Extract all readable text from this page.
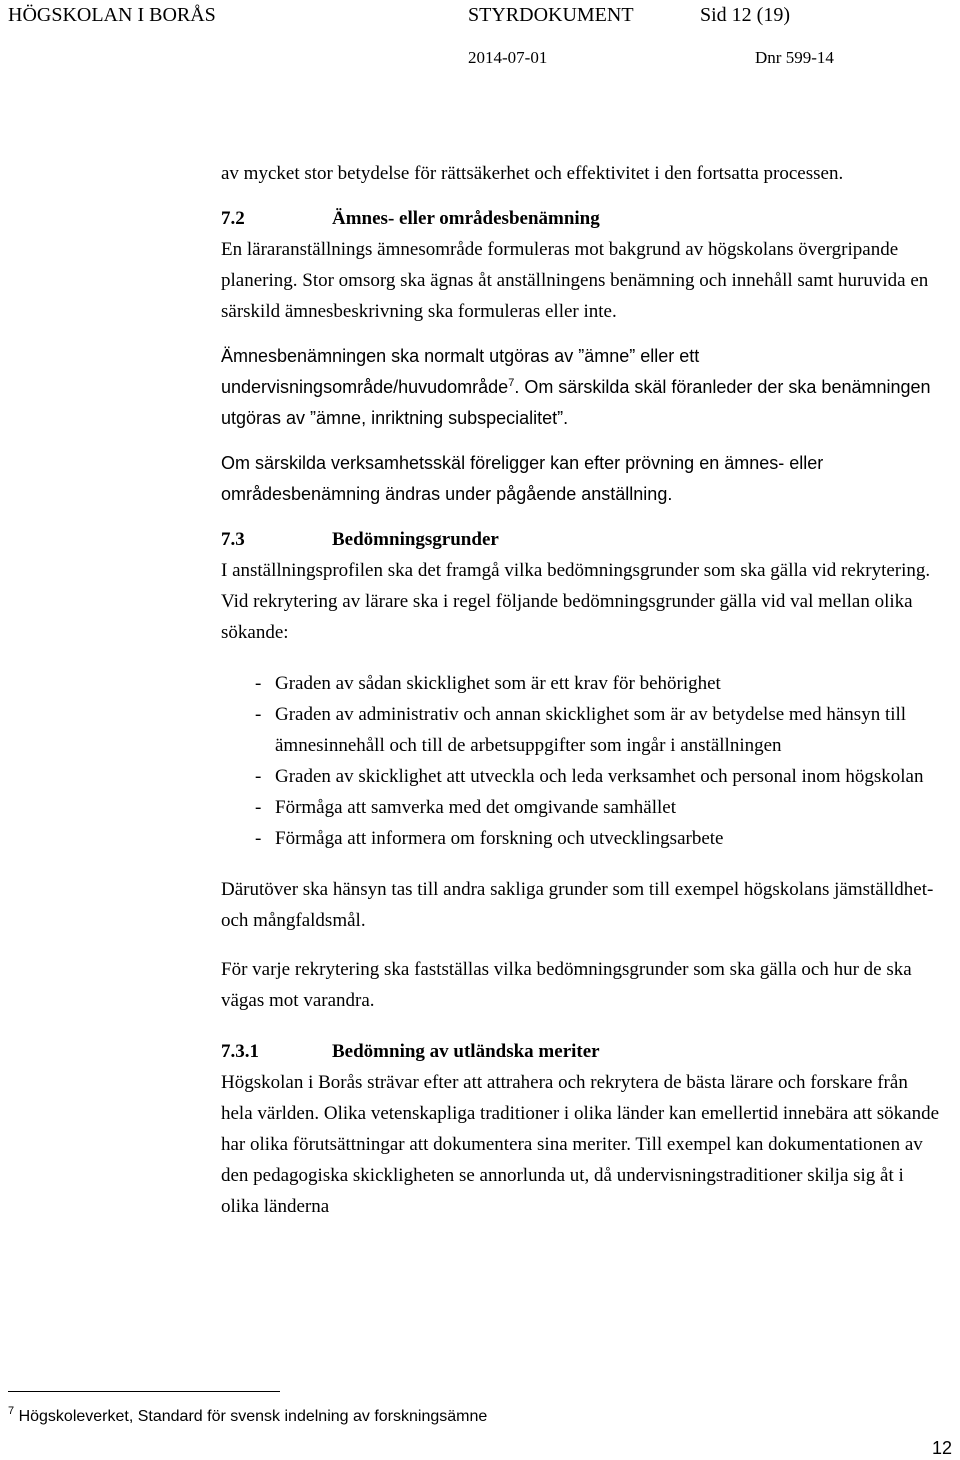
HÖGSKOLAN I BORÅS	STYRDOKUMENT	Sid 12 (19)
2014-07-01	Dnr 599-14

av mycket stor betydelse för rättsäkerhet och effektivitet i den fortsatta processen.

7.2	Ämnes- eller områdesbenämning

En läraranställnings ämnesområde formuleras mot bakgrund av högskolans övergripande planering. Stor omsorg ska ägnas åt anställningens benämning och innehåll samt huruvida en särskild ämnesbeskrivning ska formuleras eller inte.

Ämnesbenämningen ska normalt utgöras av ”ämne” eller ett undervisningsområde/huvudområde$^7$. Om särskilda skäl föranleder der ska benämningen utgöras av ”ämne, inriktning subspecialitet”.

Om särskilda verksamhetsskäl föreligger kan efter prövning en ämnes- eller områdesbenämning ändras under pågående anställning.

7.3	Bedömningsgrunder

I anställningsprofilen ska det framgå vilka bedömningsgrunder som ska gälla vid rekrytering. Vid rekrytering av lärare ska i regel följande bedömningsgrunder gälla vid val mellan olika sökande:

- Graden av sådan skicklighet som är ett krav för behörighet
- Graden av administrativ och annan skicklighet som är av betydelse med hänsyn till ämnesinnehåll och till de arbetsuppgifter som ingår i anställningen
- Graden av skicklighet att utveckla och leda verksamhet och personal inom högskolan
- Förmåga att samverka med det omgivande samhället
- Förmåga att informera om forskning och utvecklingsarbete

Därutöver ska hänsyn tas till andra sakliga grunder som till exempel högskolans jämställdhet- och mångfaldsmål.

För varje rekrytering ska fastställas vilka bedömningsgrunder som ska gälla och hur de ska vägas mot varandra.

7.3.1	Bedömning av utländska meriter

Högskolan i Borås strävar efter att attrahera och rekrytera de bästa lärare och forskare från hela världen. Olika vetenskapliga traditioner i olika länder kan emellertid innebära att sökande har olika förutsättningar att dokumentera sina meriter. Till exempel kan dokumentationen av den pedagogiska skickligheten se annorlunda ut, då undervisningstraditioner skilja sig åt i olika länderna

$^7$ Högskoleverket, Standard för svensk indelning av forskningsämne
12
